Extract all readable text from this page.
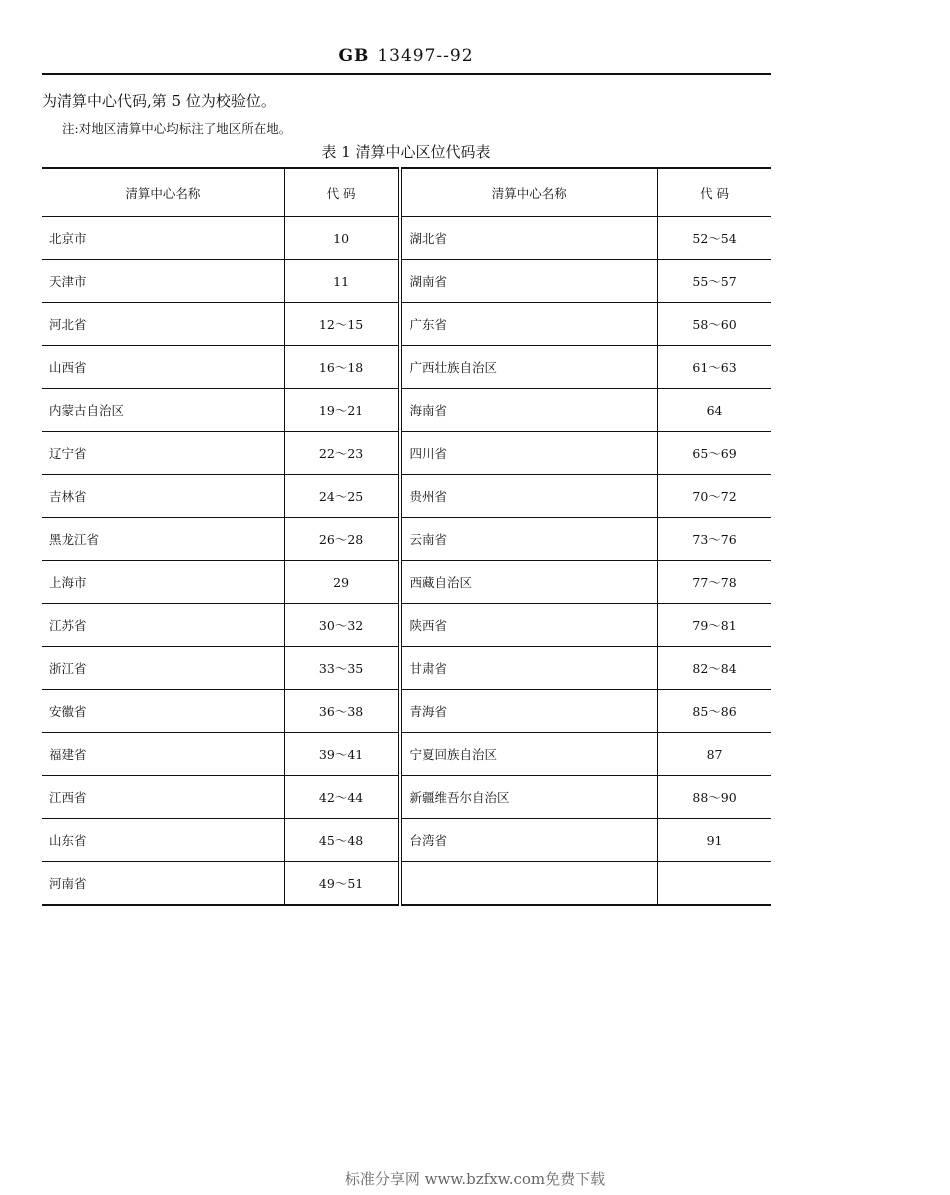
GB 13497--92
为清算中心代码,第 5 位为校验位。
注:对地区清算中心均标注了地区所在地。
表 1 清算中心区位代码表
清算中心名称	代 码	清算中心名称	代 码
北京市	10	湖北省	52～54
天津市	11	湖南省	55～57
河北省	12～15	广东省	58～60
山西省	16～18	广西壮族自治区	61～63
内蒙古自治区	19～21	海南省	64
辽宁省	22～23	四川省	65～69
吉林省	24～25	贵州省	70～72
黑龙江省	26～28	云南省	73～76
上海市	29	西藏自治区	77～78
江苏省	30～32	陕西省	79～81
浙江省	33～35	甘肃省	82～84
安徽省	36～38	青海省	85～86
福建省	39～41	宁夏回族自治区	87
江西省	42～44	新疆维吾尔自治区	88～90
山东省	45～48	台湾省	91
河南省	49～51		
标准分享网 www.bzfxw.com免费下载
